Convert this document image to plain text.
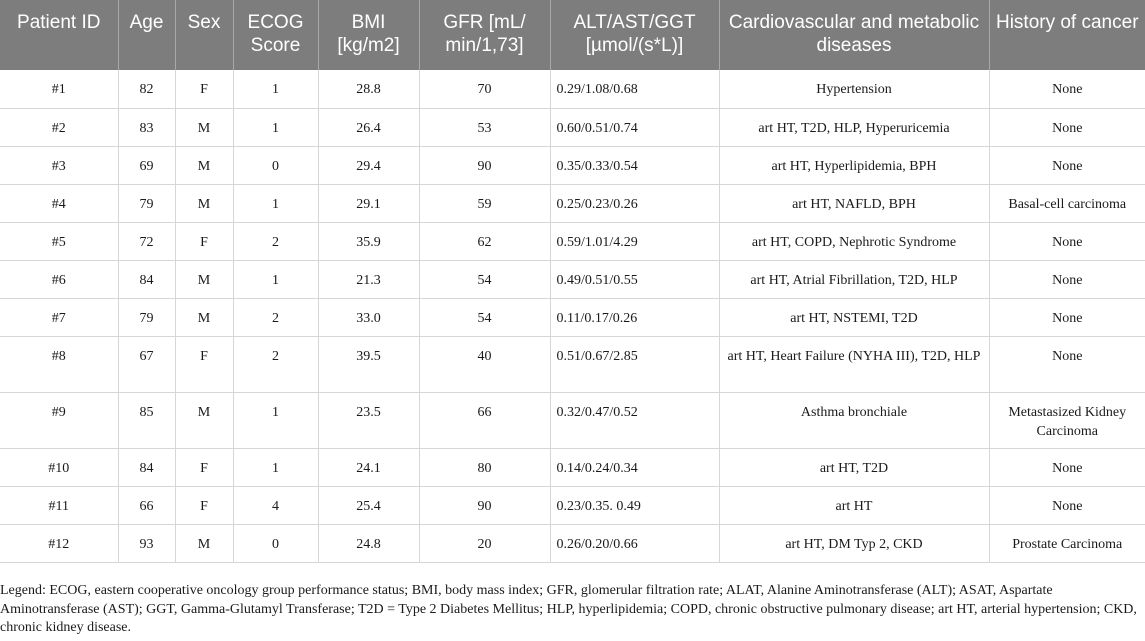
Patient ID	Age	Sex	ECOG Score	BMI [kg/m2]	GFR [mL/ min/1,73]	ALT/AST/GGT [µmol/(s*L)]	Cardiovascular and metabolic diseases	History of cancer
#1	82	F	1	28.8	70	0.29/1.08/0.68	Hypertension	None
#2	83	M	1	26.4	53	0.60/0.51/0.74	art HT, T2D, HLP, Hyperuricemia	None
#3	69	M	0	29.4	90	0.35/0.33/0.54	art HT, Hyperlipidemia, BPH	None
#4	79	M	1	29.1	59	0.25/0.23/0.26	art HT, NAFLD, BPH	Basal-cell carcinoma
#5	72	F	2	35.9	62	0.59/1.01/4.29	art HT, COPD, Nephrotic Syndrome	None
#6	84	M	1	21.3	54	0.49/0.51/0.55	art HT, Atrial Fibrillation, T2D, HLP	None
#7	79	M	2	33.0	54	0.11/0.17/0.26	art HT, NSTEMI, T2D	None
#8	67	F	2	39.5	40	0.51/0.67/2.85	art HT, Heart Failure (NYHA III), T2D, HLP	None
#9	85	M	1	23.5	66	0.32/0.47/0.52	Asthma bronchiale	Metastasized Kidney Carcinoma
#10	84	F	1	24.1	80	0.14/0.24/0.34	art HT, T2D	None
#11	66	F	4	25.4	90	0.23/0.35. 0.49	art HT	None
#12	93	M	0	24.8	20	0.26/0.20/0.66	art HT, DM Typ 2, CKD	Prostate Carcinoma
Legend: ECOG, eastern cooperative oncology group performance status; BMI, body mass index; GFR, glomerular filtration rate; ALAT, Alanine Aminotransferase (ALT); ASAT, Aspartate Aminotransferase (AST); GGT, Gamma-Glutamyl Transferase; T2D = Type 2 Diabetes Mellitus; HLP, hyperlipidemia; COPD, chronic obstructive pulmonary disease; art HT, arterial hypertension; CKD, chronic kidney disease.
